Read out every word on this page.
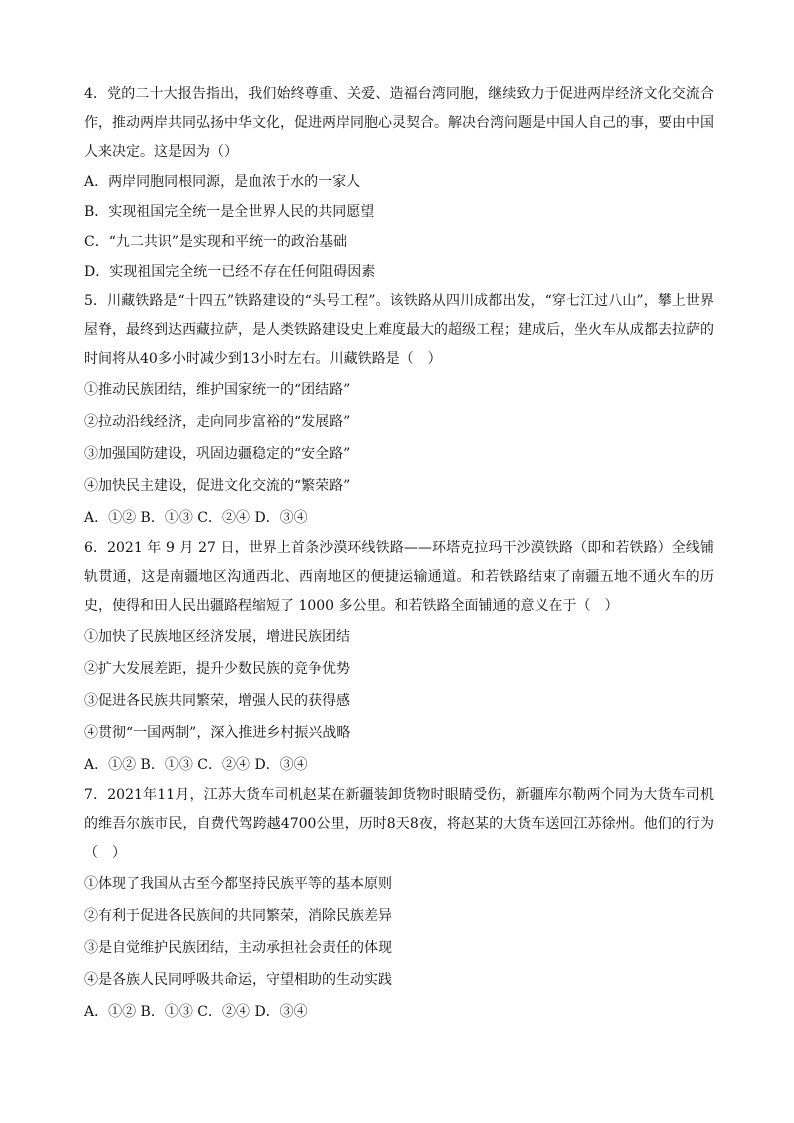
4．党的二十大报告指出，我们始终尊重、关爱、造福台湾同胞，继续致力于促进两岸经济文化交流合作，推动两岸共同弘扬中华文化，促进两岸同胞心灵契合。解决台湾问题是中国人自己的事，要由中国人来决定。这是因为（）

A．两岸同胞同根同源，是血浓于水的一家人

B．实现祖国完全统一是全世界人民的共同愿望

C．“九二共识”是实现和平统一的政治基础

D．实现祖国完全统一已经不存在任何阻碍因素

5．川藏铁路是“十四五”铁路建设的“头号工程”。该铁路从四川成都出发，“穿七江过八山”，攀上世界屋脊，最终到达西藏拉萨，是人类铁路建设史上难度最大的超级工程；建成后，坐火车从成都去拉萨的时间将从40多小时减少到13小时左右。川藏铁路是（　）

①推动民族团结，维护国家统一的“团结路”

②拉动沿线经济，走向同步富裕的“发展路”

③加强国防建设，巩固边疆稳定的“安全路”

④加快民主建设，促进文化交流的“繁荣路”

A．①② B．①③ C．②④ D．③④

6．2021 年 9 月 27 日，世界上首条沙漠环线铁路——环塔克拉玛干沙漠铁路（即和若铁路）全线铺轨贯通，这是南疆地区沟通西北、西南地区的便捷运输通道。和若铁路结束了南疆五地不通火车的历史，使得和田人民出疆路程缩短了 1000 多公里。和若铁路全面铺通的意义在于（　）

①加快了民族地区经济发展，增进民族团结

②扩大发展差距，提升少数民族的竞争优势

③促进各民族共同繁荣，增强人民的获得感

④贯彻“一国两制”，深入推进乡村振兴战略

A．①② B．①③ C．②④ D．③④

7．2021年11月，江苏大货车司机赵某在新疆装卸货物时眼睛受伤，新疆库尔勒两个同为大货车司机的维吾尔族市民，自费代驾跨越4700公里，历时8天8夜，将赵某的大货车送回江苏徐州。他们的行为（　）

①体现了我国从古至今都坚持民族平等的基本原则

②有利于促进各民族间的共同繁荣，消除民族差异

③是自觉维护民族团结，主动承担社会责任的体现

④是各族人民同呼吸共命运，守望相助的生动实践

A．①② B．①③ C．②④ D．③④
